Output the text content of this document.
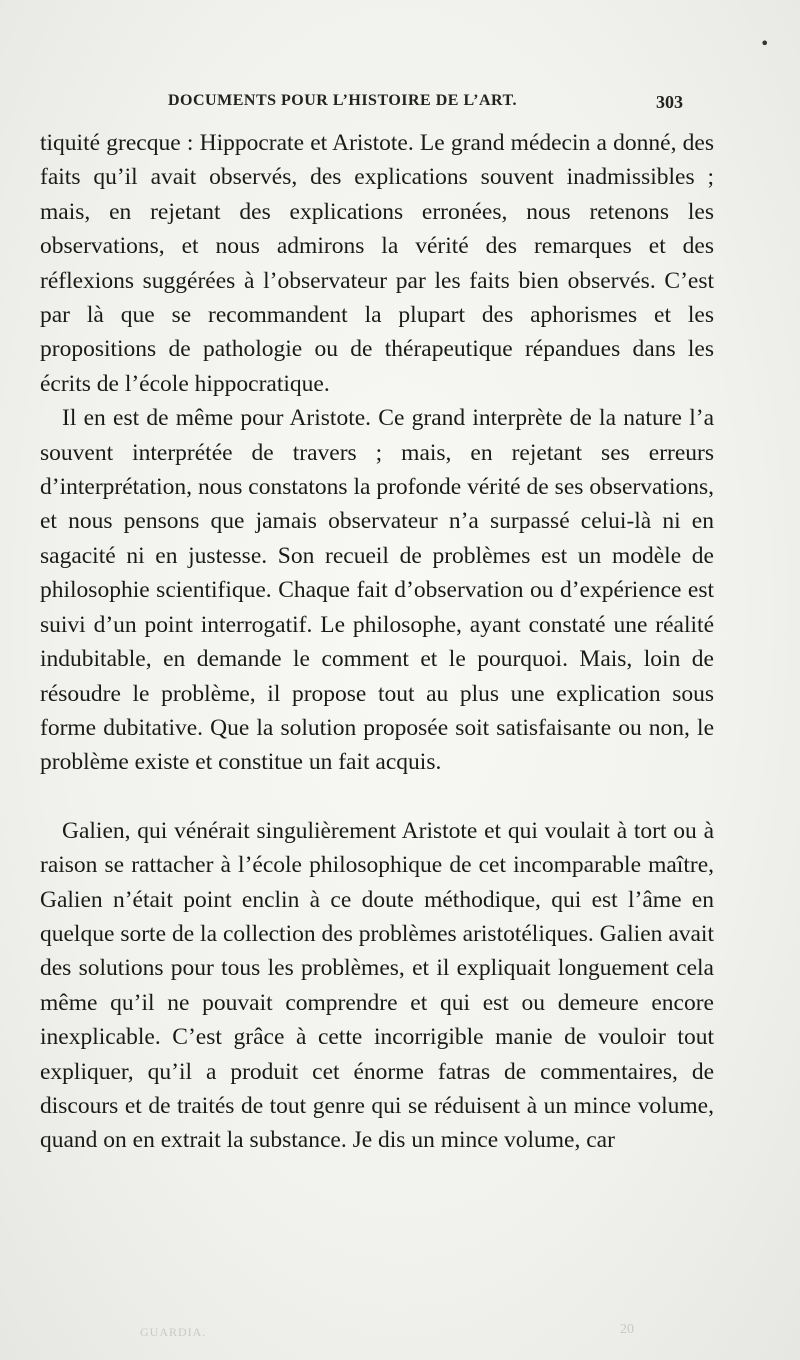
•
DOCUMENTS POUR L’HISTOIRE DE L’ART.	303

tiquité grecque : Hippocrate et Aristote. Le grand médecin a donné, des faits qu’il avait observés, des explications souvent inadmissibles ; mais, en rejetant des explications erronées, nous retenons les observations, et nous admirons la vérité des remarques et des réflexions suggérées à l’observateur par les faits bien observés. C’est par là que se recommandent la plupart des aphorismes et les propositions de pathologie ou de thérapeutique répandues dans les écrits de l’école hippocratique.

Il en est de même pour Aristote. Ce grand interprète de la nature l’a souvent interprétée de travers ; mais, en rejetant ses erreurs d’interprétation, nous constatons la profonde vérité de ses observations, et nous pensons que jamais observateur n’a surpassé celui-là ni en sagacité ni en justesse. Son recueil de problèmes est un modèle de philosophie scientifique. Chaque fait d’observation ou d’expérience est suivi d’un point interrogatif. Le philosophe, ayant constaté une réalité indubitable, en demande le comment et le pourquoi. Mais, loin de résoudre le problème, il propose tout au plus une explication sous forme dubitative. Que la solution proposée soit satisfaisante ou non, le problème existe et constitue un fait acquis.

Galien, qui vénérait singulièrement Aristote et qui voulait à tort ou à raison se rattacher à l’école philosophique de cet incomparable maître, Galien n’était point enclin à ce doute méthodique, qui est l’âme en quelque sorte de la collection des problèmes aristotéliques. Galien avait des solutions pour tous les problèmes, et il expliquait longuement cela même qu’il ne pouvait comprendre et qui est ou demeure encore inexplicable. C’est grâce à cette incorrigible manie de vouloir tout expliquer, qu’il a produit cet énorme fatras de commentaires, de discours et de traités de tout genre qui se réduisent à un mince volume, quand on en extrait la substance. Je dis un mince volume, car

GUARDIA.	20
